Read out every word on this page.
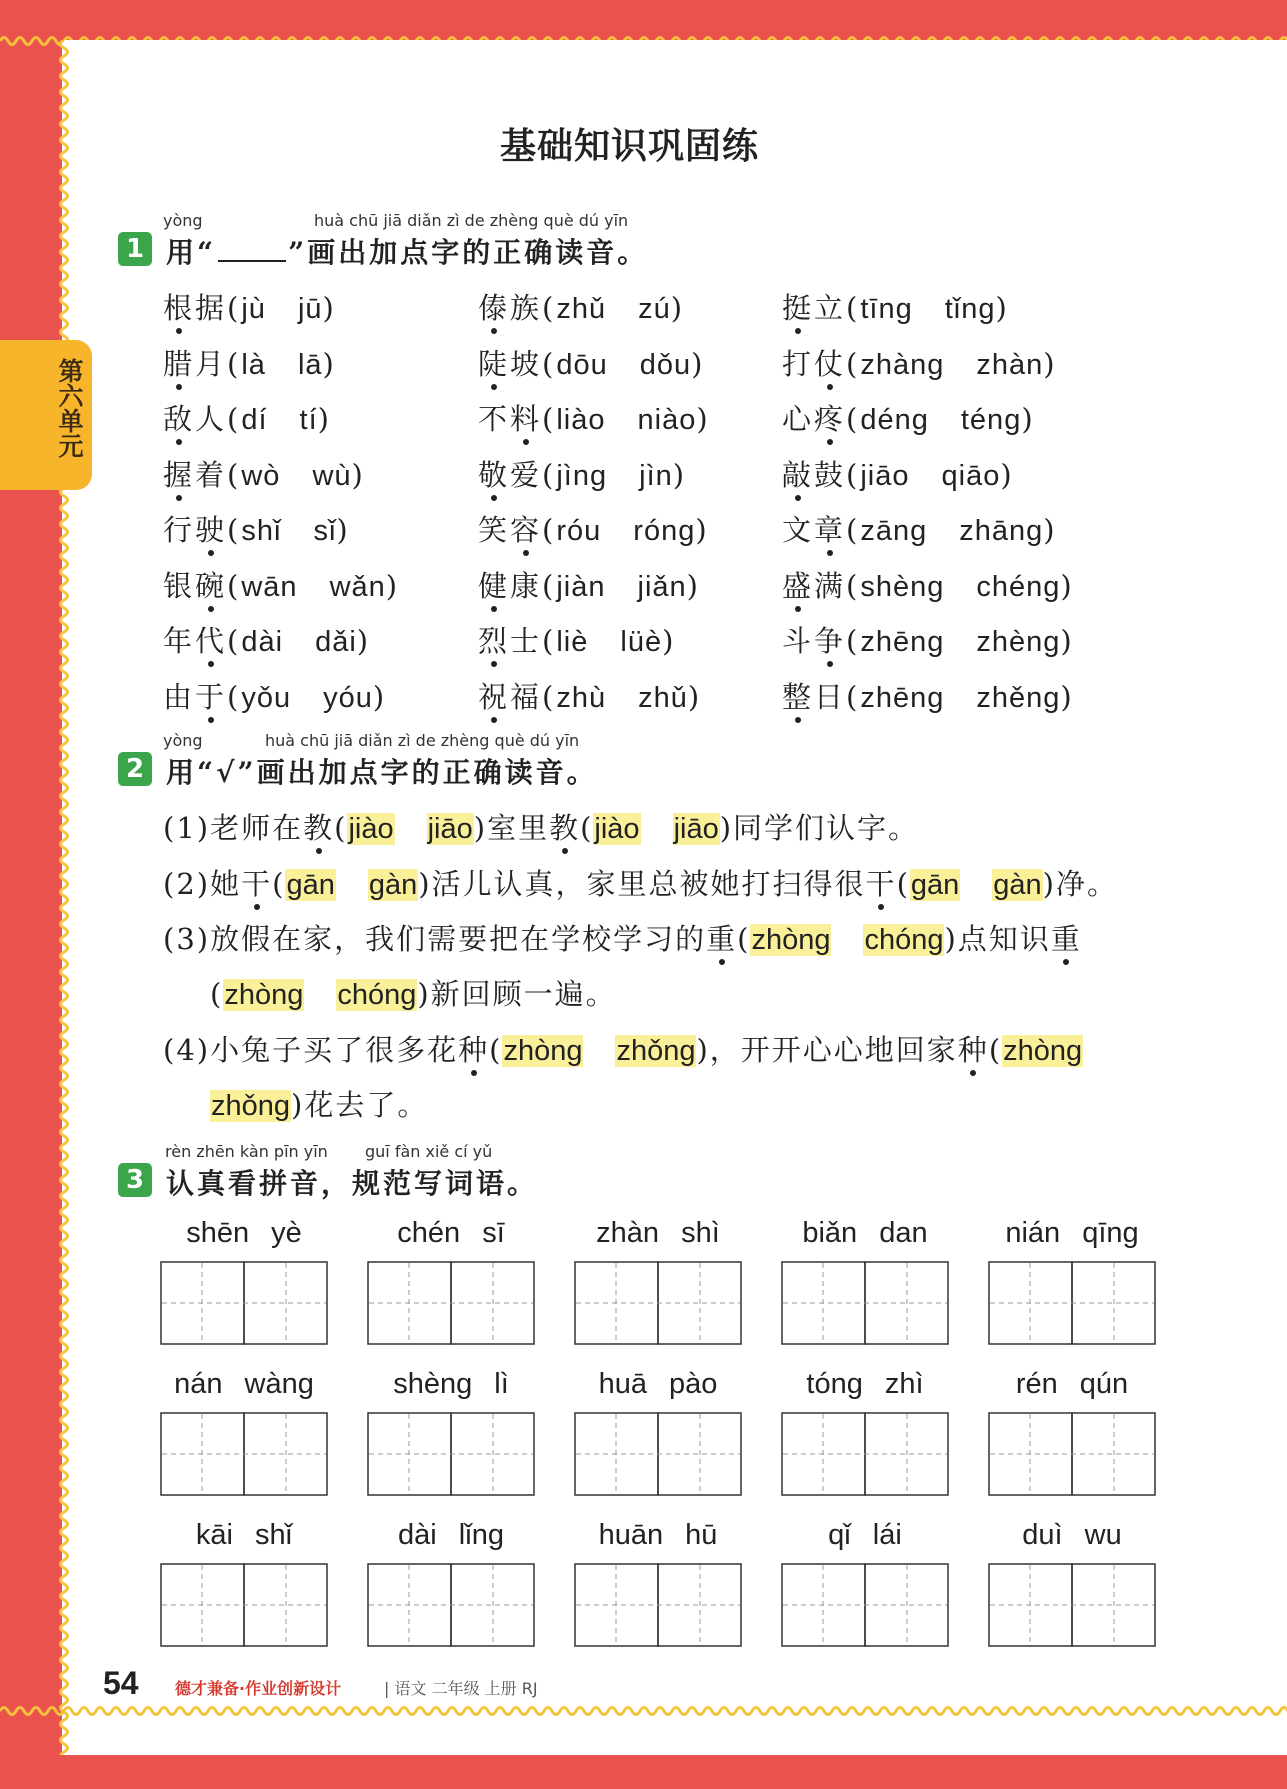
第六单元
基础知识巩固练
1
yòng	huà chū jiā diǎn zì de zhèng què dú yīn
用“	”画出加点字的正确读音。
根据(jù jū)	傣族(zhǔ zú)	挺立(tīng tǐng)
腊月(là lā)	陡坡(dōu dǒu)	打仗(zhàng zhàn)
敌人(dí tí)	不料(liào niào) 心疼(déng téng)
握着(wò wù)	敬爱(jìng jìn)	敲鼓(jiāo qiāo)
行驶(shǐ sǐ)	笑容(róu róng) 文章(zāng zhāng)
银碗(wān wǎn)	健康(jiàn jiǎn)	盛满(shèng chéng)
年代(dài dǎi)	烈士(liè lüè)	斗争(zhēng zhèng)
由于(yǒu yóu)	祝福(zhù zhǔ)	整日(zhēng zhěng)
2
yòng	huà chū jiā diǎn zì de zhèng què dú yīn
用“√”画出加点字的正确读音。
(1)老师在教(jiào jiāo)室里教(jiào jiāo)同学们认字。
(2)她干(gān gàn)活儿认真，家里总被她打扫得很干(gān gàn)净。
(3)放假在家，我们需要把在学校学习的重(zhòng chóng)点知识重
(zhòng chóng)新回顾一遍。
(4)小兔子买了很多花种(zhòng zhǒng)，开开心心地回家种(zhòng
zhǒng)花去了。
3
rèn zhēn kàn pīn yīn guī fàn xiě cí yǔ
认真看拼音，规范写词语。
shēn yè	chén sī	zhàn shì	biǎn dan	nián qīng
nán wàng	shèng lì	huā pào	tóng zhì	rén qún
kāi shǐ	dài lǐng	huān hū	qǐ lái	duì wu
54 德才兼备·作业创新设计	| 语文 二年级 上册 RJ
